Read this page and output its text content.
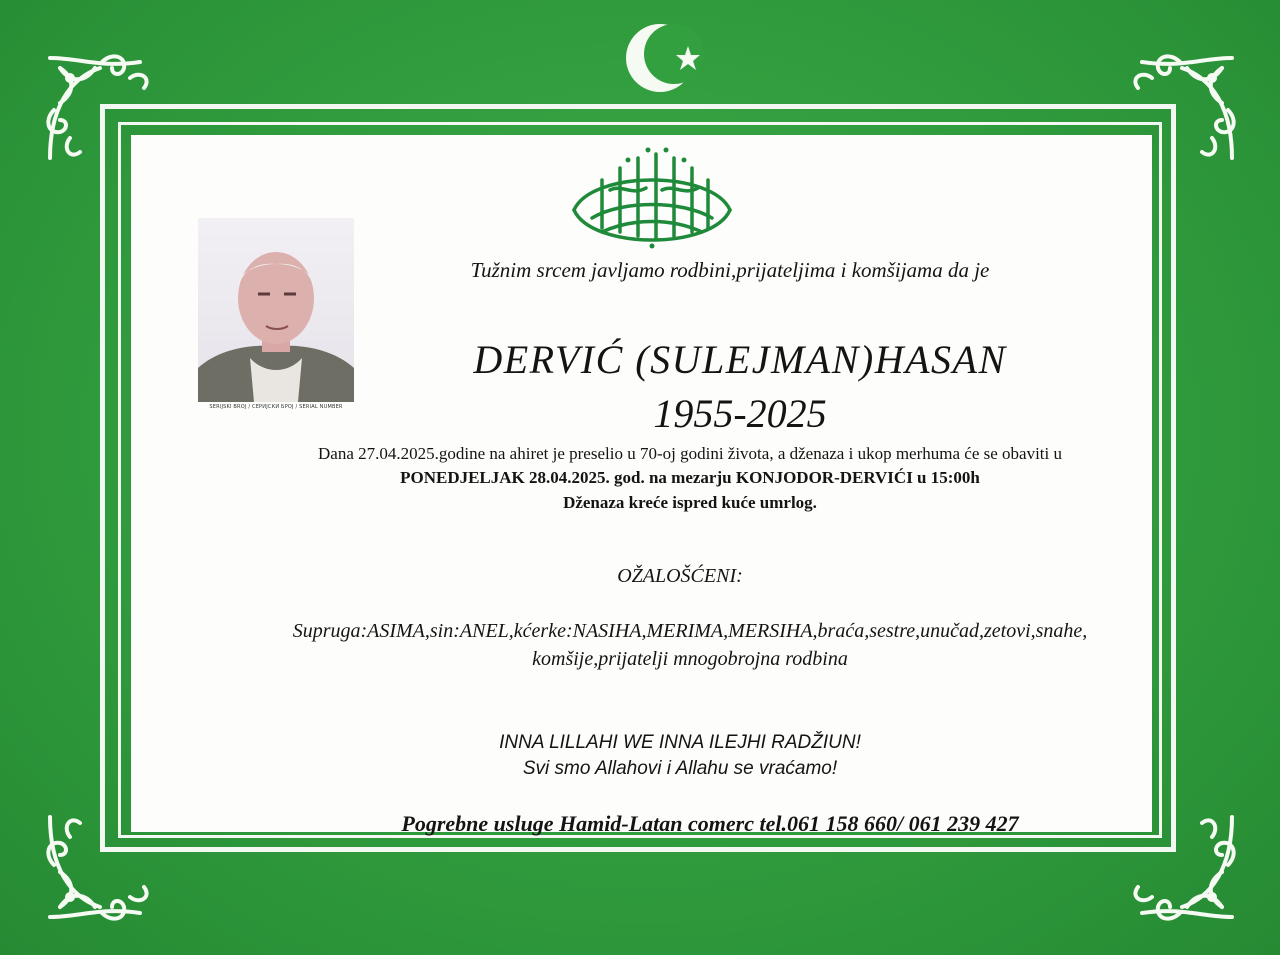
SERIJSKI BROJ / СЕРИЈСКИ БРОЈ / SERIAL NUMBER
Tužnim srcem javljamo rodbini,prijateljima i komšijama da je
DERVIĆ (SULEJMAN)HASAN
1955-2025
Dana 27.04.2025.godine na ahiret je preselio u 70-oj godini života, a dženaza i ukop merhuma će se obaviti u
PONEDJELJAK 28.04.2025. god. na mezarju KONJODOR-DERVIĆI u 15:00h
Dženaza kreće ispred kuće umrlog.
OŽALOŠĆENI:
Supruga:ASIMA,sin:ANEL,kćerke:NASIHA,MERIMA,MERSIHA,braća,sestre,unučad,zetovi,snahe,
komšije,prijatelji mnogobrojna rodbina
INNA LILLAHI WE INNA ILEJHI RADŽIUN!
Svi smo Allahovi i Allahu se vraćamo!
Pogrebne usluge Hamid-Latan comerc tel.061 158 660/ 061 239 427
